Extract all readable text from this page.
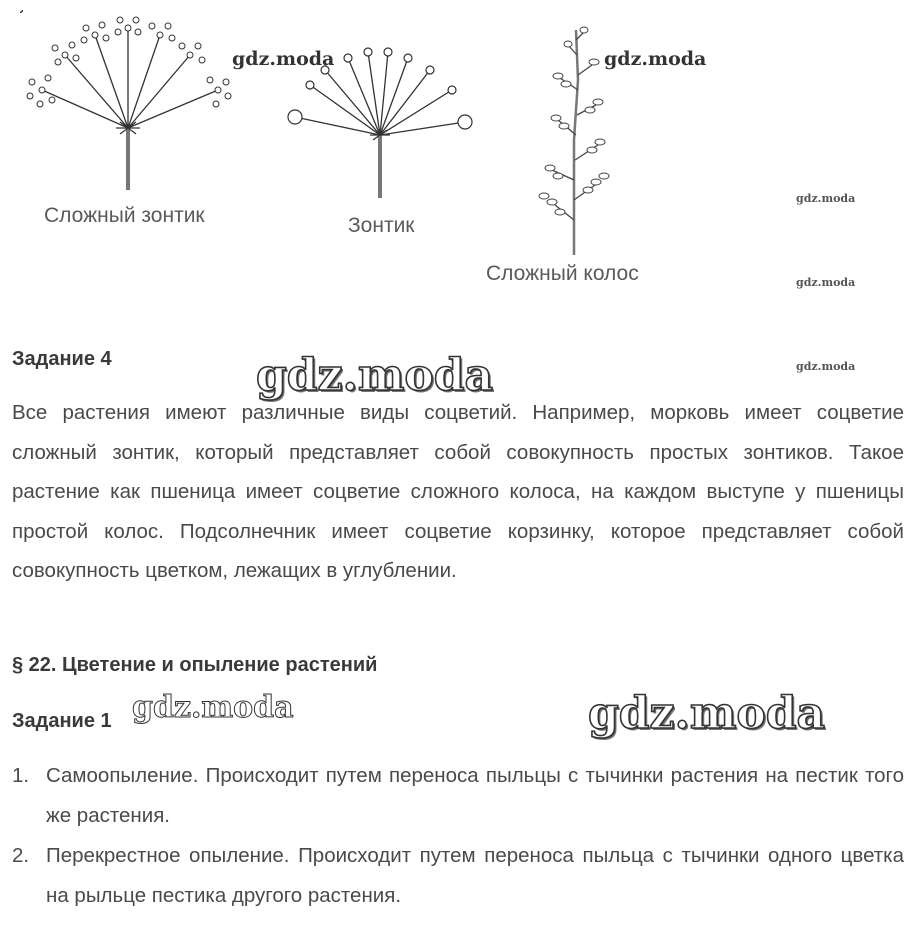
Сложный зонтик	Зонтик
Сложный колос
gdz.moda	gdz.moda
gdz.moda
gdz.moda
gdz.moda
gdz.moda
gdz.moda	gdz.moda
Задание 4

Все растения имеют различные виды соцветий. Например, морковь имеет соцветие сложный зонтик, который представляет собой совокупность простых зонтиков. Такое растение как пшеница имеет соцветие сложного колоса, на каждом выступе у пшеницы простой колос. Подсолнечник имеет соцветие корзинку, которое представляет собой совокупность цветком, лежащих в углублении.

§ 22. Цветение и опыление растений
Задание 1
1. Самоопыление. Происходит путем переноса пыльцы с тычинки растения на пестик того же растения.
2. Перекрестное опыление. Происходит путем переноса пыльца с тычинки одного цветка на рыльце пестика другого растения.
